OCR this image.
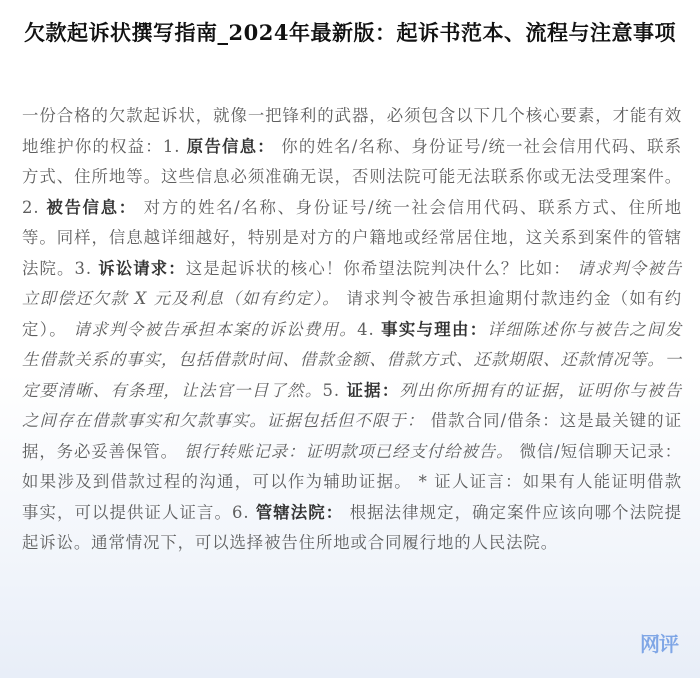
欠款起诉状撰写指南_2024年最新版：起诉书范本、流程与注意事项
一份合格的欠款起诉状，就像一把锋利的武器，必须包含以下几个核心要素，才能有效地维护你的权益：1. 原告信息： 你的姓名/名称、身份证号/统一社会信用代码、联系方式、住所地等。这些信息必须准确无误，否则法院可能无法联系你或无法受理案件。2. 被告信息： 对方的姓名/名称、身份证号/统一社会信用代码、联系方式、住所地等。同样，信息越详细越好，特别是对方的户籍地或经常居住地，这关系到案件的管辖法院。3. 诉讼请求：这是起诉状的核心！你希望法院判决什么？比如： 请求判令被告立即偿还欠款 X 元及利息（如有约定）。 请求判令被告承担逾期付款违约金（如有约定）。 请求判令被告承担本案的诉讼费用。4. 事实与理由：详细陈述你与被告之间发生借款关系的事实，包括借款时间、借款金额、借款方式、还款期限、还款情况等。一定要清晰、有条理，让法官一目了然。5. 证据：列出你所拥有的证据，证明你与被告之间存在借款事实和欠款事实。证据包括但不限于： 借款合同/借条：这是最关键的证据，务必妥善保管。 银行转账记录：证明款项已经支付给被告。 微信/短信聊天记录：如果涉及到借款过程的沟通，可以作为辅助证据。 * 证人证言：如果有人能证明借款事实，可以提供证人证言。6. 管辖法院： 根据法律规定，确定案件应该向哪个法院提起诉讼。通常情况下，可以选择被告住所地或合同履行地的人民法院。
网评
